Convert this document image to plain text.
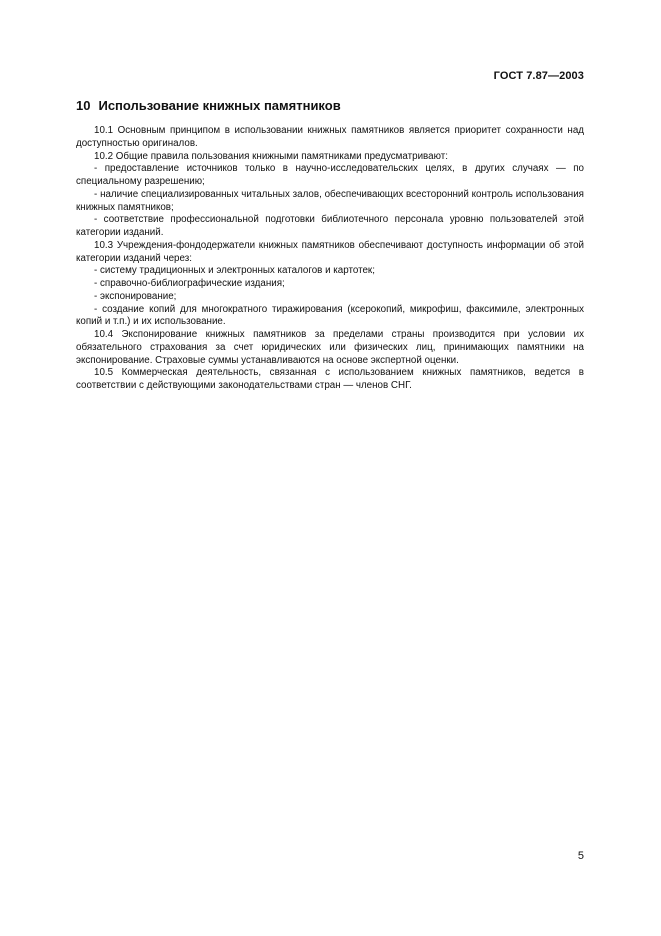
ГОСТ 7.87—2003
10 Использование книжных памятников

10.1 Основным принципом в использовании книжных памятников является приоритет сохранности над доступностью оригиналов.

10.2 Общие правила пользования книжными памятниками предусматривают:

- предоставление источников только в научно-исследовательских целях, в других случаях — по специальному разрешению;

- наличие специализированных читальных залов, обеспечивающих всесторонний контроль использования книжных памятников;

- соответствие профессиональной подготовки библиотечного персонала уровню пользователей этой категории изданий.

10.3 Учреждения-фондодержатели книжных памятников обеспечивают доступность информации об этой категории изданий через:

- систему традиционных и электронных каталогов и картотек;

- справочно-библиографические издания;

- экспонирование;

- создание копий для многократного тиражирования (ксерокопий, микрофиш, факсимиле, электронных копий и т.п.) и их использование.

10.4 Экспонирование книжных памятников за пределами страны производится при условии их обязательного страхования за счет юридических или физических лиц, принимающих памятники на экспонирование. Страховые суммы устанавливаются на основе экспертной оценки.

10.5 Коммерческая деятельность, связанная с использованием книжных памятников, ведется в соответствии с действующими законодательствами стран — членов СНГ.

5
